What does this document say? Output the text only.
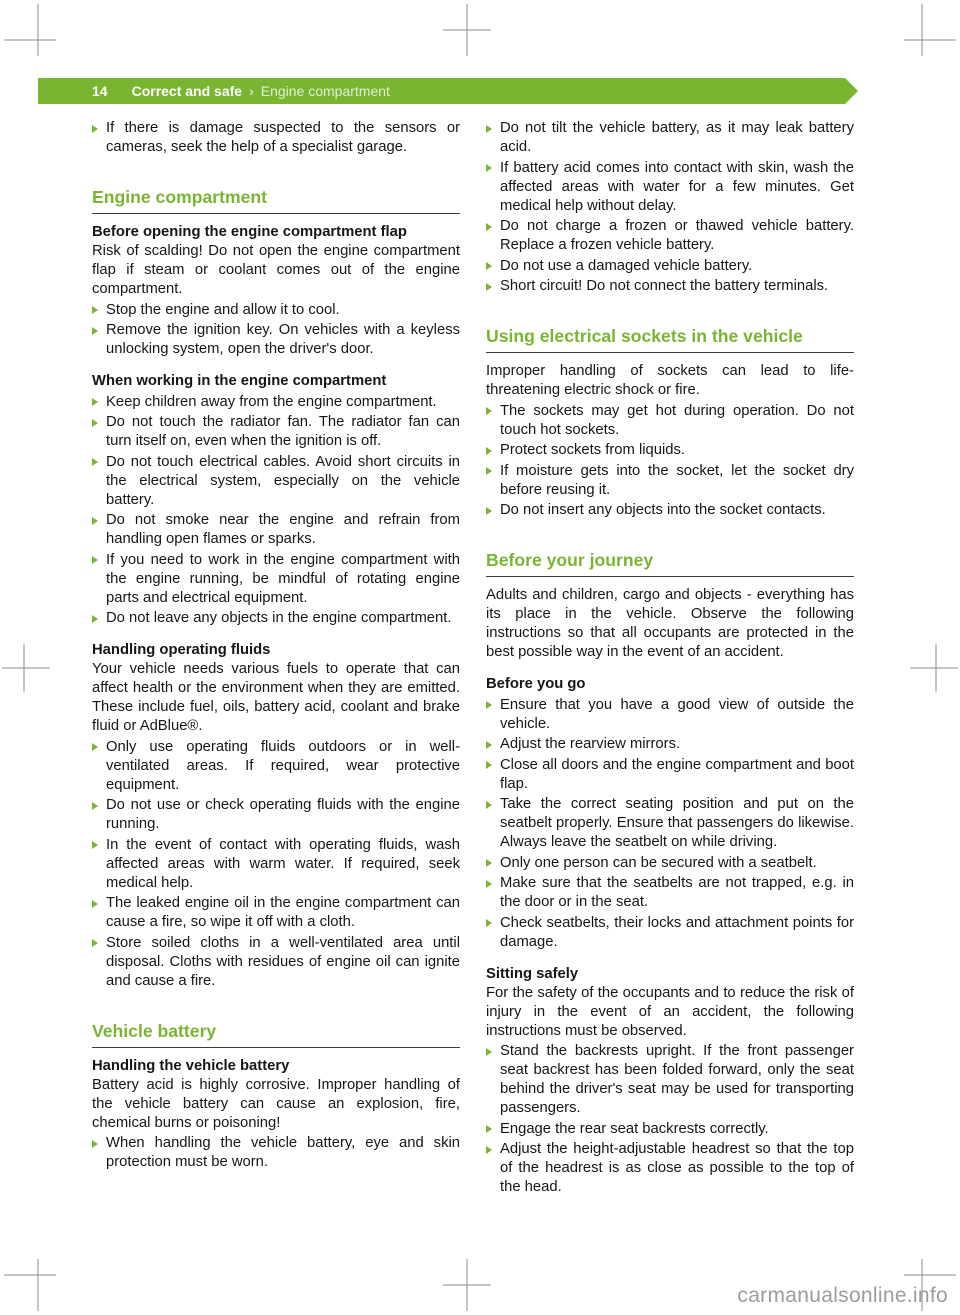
14 Correct and safe › Engine compartment
If there is damage suspected to the sensors or cameras, seek the help of a specialist garage.
Engine compartment
Before opening the engine compartment flap

Risk of scalding! Do not open the engine compartment flap if steam or coolant comes out of the engine compartment.

Stop the engine and allow it to cool.
Remove the ignition key. On vehicles with a keyless unlocking system, open the driver's door.
When working in the engine compartment
Keep children away from the engine compartment.
Do not touch the radiator fan. The radiator fan can turn itself on, even when the ignition is off.
Do not touch electrical cables. Avoid short circuits in the electrical system, especially on the vehicle battery.
Do not smoke near the engine and refrain from handling open flames or sparks.
If you need to work in the engine compartment with the engine running, be mindful of rotating engine parts and electrical equipment.
Do not leave any objects in the engine compartment.
Handling operating fluids

Your vehicle needs various fuels to operate that can affect health or the environment when they are emitted. These include fuel, oils, battery acid, coolant and brake fluid or AdBlue®.

Only use operating fluids outdoors or in well-ventilated areas. If required, wear protective equipment.
Do not use or check operating fluids with the engine running.
In the event of contact with operating fluids, wash affected areas with warm water. If required, seek medical help.
The leaked engine oil in the engine compartment can cause a fire, so wipe it off with a cloth.
Store soiled cloths in a well-ventilated area until disposal. Cloths with residues of engine oil can ignite and cause a fire.
Vehicle battery
Handling the vehicle battery

Battery acid is highly corrosive. Improper handling of the vehicle battery can cause an explosion, fire, chemical burns or poisoning!

When handling the vehicle battery, eye and skin protection must be worn.
Do not tilt the vehicle battery, as it may leak battery acid.
If battery acid comes into contact with skin, wash the affected areas with water for a few minutes. Get medical help without delay.
Do not charge a frozen or thawed vehicle battery. Replace a frozen vehicle battery.
Do not use a damaged vehicle battery.
Short circuit! Do not connect the battery terminals.
Using electrical sockets in the vehicle

Improper handling of sockets can lead to life-threatening electric shock or fire.

The sockets may get hot during operation. Do not touch hot sockets.
Protect sockets from liquids.
If moisture gets into the socket, let the socket dry before reusing it.
Do not insert any objects into the socket contacts.
Before your journey

Adults and children, cargo and objects - everything has its place in the vehicle. Observe the following instructions so that all occupants are protected in the best possible way in the event of an accident.

Before you go
Ensure that you have a good view of outside the vehicle.
Adjust the rearview mirrors.
Close all doors and the engine compartment and boot flap.
Take the correct seating position and put on the seatbelt properly. Ensure that passengers do likewise. Always leave the seatbelt on while driving.
Only one person can be secured with a seatbelt.
Make sure that the seatbelts are not trapped, e.g. in the door or in the seat.
Check seatbelts, their locks and attachment points for damage.
Sitting safely

For the safety of the occupants and to reduce the risk of injury in the event of an accident, the following instructions must be observed.

Stand the backrests upright. If the front passenger seat backrest has been folded forward, only the seat behind the driver's seat may be used for transporting passengers.
Engage the rear seat backrests correctly.
Adjust the height-adjustable headrest so that the top of the headrest is as close as possible to the top of the head.
carmanualsonline.info
